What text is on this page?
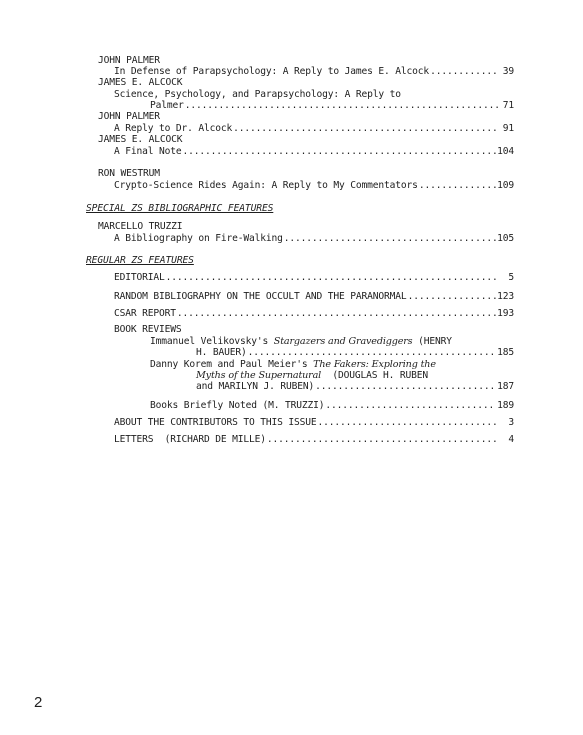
JOHN PALMER
In Defense of Parapsychology: A Reply to James E. Alcock .....	39
JAMES E. ALCOCK
Science, Psychology, and Parapsychology: A Reply to
Palmer .....	71
JOHN PALMER
A Reply to Dr. Alcock .....	91
JAMES E. ALCOCK
A Final Note .....	104
RON WESTRUM
Crypto-Science Rides Again: A Reply to My Commentators .....	109
SPECIAL ZS BIBLIOGRAPHIC FEATURES
MARCELLO TRUZZI
A Bibliography on Fire-Walking .....	105
REGULAR ZS FEATURES
EDITORIAL .....	5
RANDOM BIBLIOGRAPHY ON THE OCCULT AND THE PARANORMAL .....	123
CSAR REPORT .....	193
BOOK REVIEWS
Immanuel Velikovsky's Stargazers and Gravediggers (HENRY
H. BAUER) .....	185
Danny Korem and Paul Meier's The Fakers: Exploring the
Myths of the Supernatural  (DOUGLAS H. RUBEN
and MARILYN J. RUBEN) .....	187
Books Briefly Noted (M. TRUZZI) .....	189
ABOUT THE CONTRIBUTORS TO THIS ISSUE .....	3
LETTERS  (RICHARD DE MILLE) .....	4
2
